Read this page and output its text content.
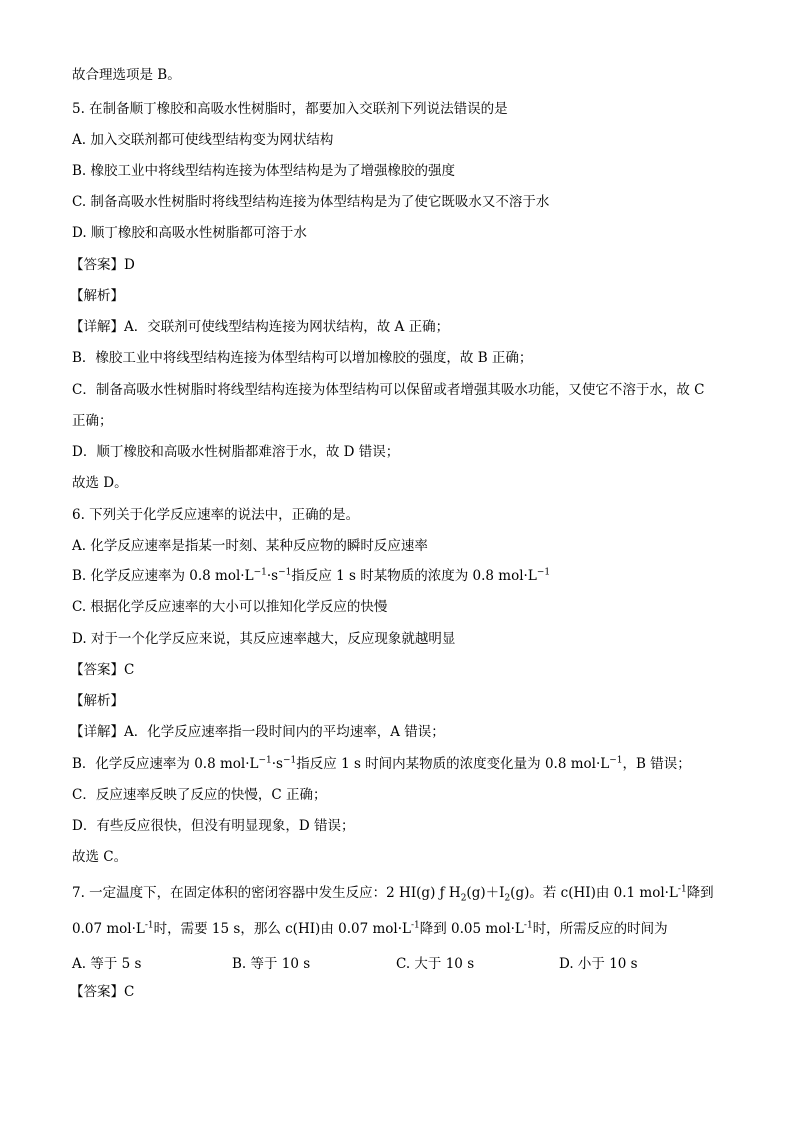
故合理选项是 B。
5. 在制备顺丁橡胶和高吸水性树脂时，都要加入交联剂下列说法错误的是
A. 加入交联剂都可使线型结构变为网状结构
B. 橡胶工业中将线型结构连接为体型结构是为了增强橡胶的强度
C. 制备高吸水性树脂时将线型结构连接为体型结构是为了使它既吸水又不溶于水
D. 顺丁橡胶和高吸水性树脂都可溶于水
【答案】D
【解析】
【详解】A．交联剂可使线型结构连接为网状结构，故 A 正确；
B．橡胶工业中将线型结构连接为体型结构可以增加橡胶的强度，故 B 正确；
C．制备高吸水性树脂时将线型结构连接为体型结构可以保留或者增强其吸水功能，又使它不溶于水，故 C
正确；
D．顺丁橡胶和高吸水性树脂都难溶于水，故 D 错误；
故选 D。
6. 下列关于化学反应速率的说法中，正确的是。
A. 化学反应速率是指某一时刻、某种反应物的瞬时反应速率
B. 化学反应速率为 0.8 $mol\cdot L^{-1}\cdot s^{-1}$指反应 1 s 时某物质的浓度为 0.8 $mol\cdot L^{-1}$
C. 根据化学反应速率的大小可以推知化学反应的快慢
D. 对于一个化学反应来说，其反应速率越大，反应现象就越明显
【答案】C
【解析】
【详解】A．化学反应速率指一段时间内的平均速率，A 错误；
B．化学反应速率为 0.8 $mol\cdot L^{-1}\cdot s^{-1}$指反应 1 s 时间内某物质的浓度变化量为 0.8 $mol\cdot L^{-1}$，B 错误；
C．反应速率反映了反应的快慢，C 正确；
D．有些反应很快，但没有明显现象，D 错误；
故选 C。
7. 一定温度下，在固定体积的密闭容器中发生反应：2 HI(g) ƒ $H_2(g)+I_2(g)$。若 c(HI)由 0.1 $mol\cdot L^{-1}$降到
0.07 $mol\cdot L^{-1}$时，需要 15 s，那么 c(HI)由 0.07 $mol\cdot L^{-1}$降到 0.05 $mol\cdot L^{-1}$时，所需反应的时间为
A. 等于 5 s	B. 等于 10 s	C. 大于 10 s	D. 小于 10 s
【答案】C
